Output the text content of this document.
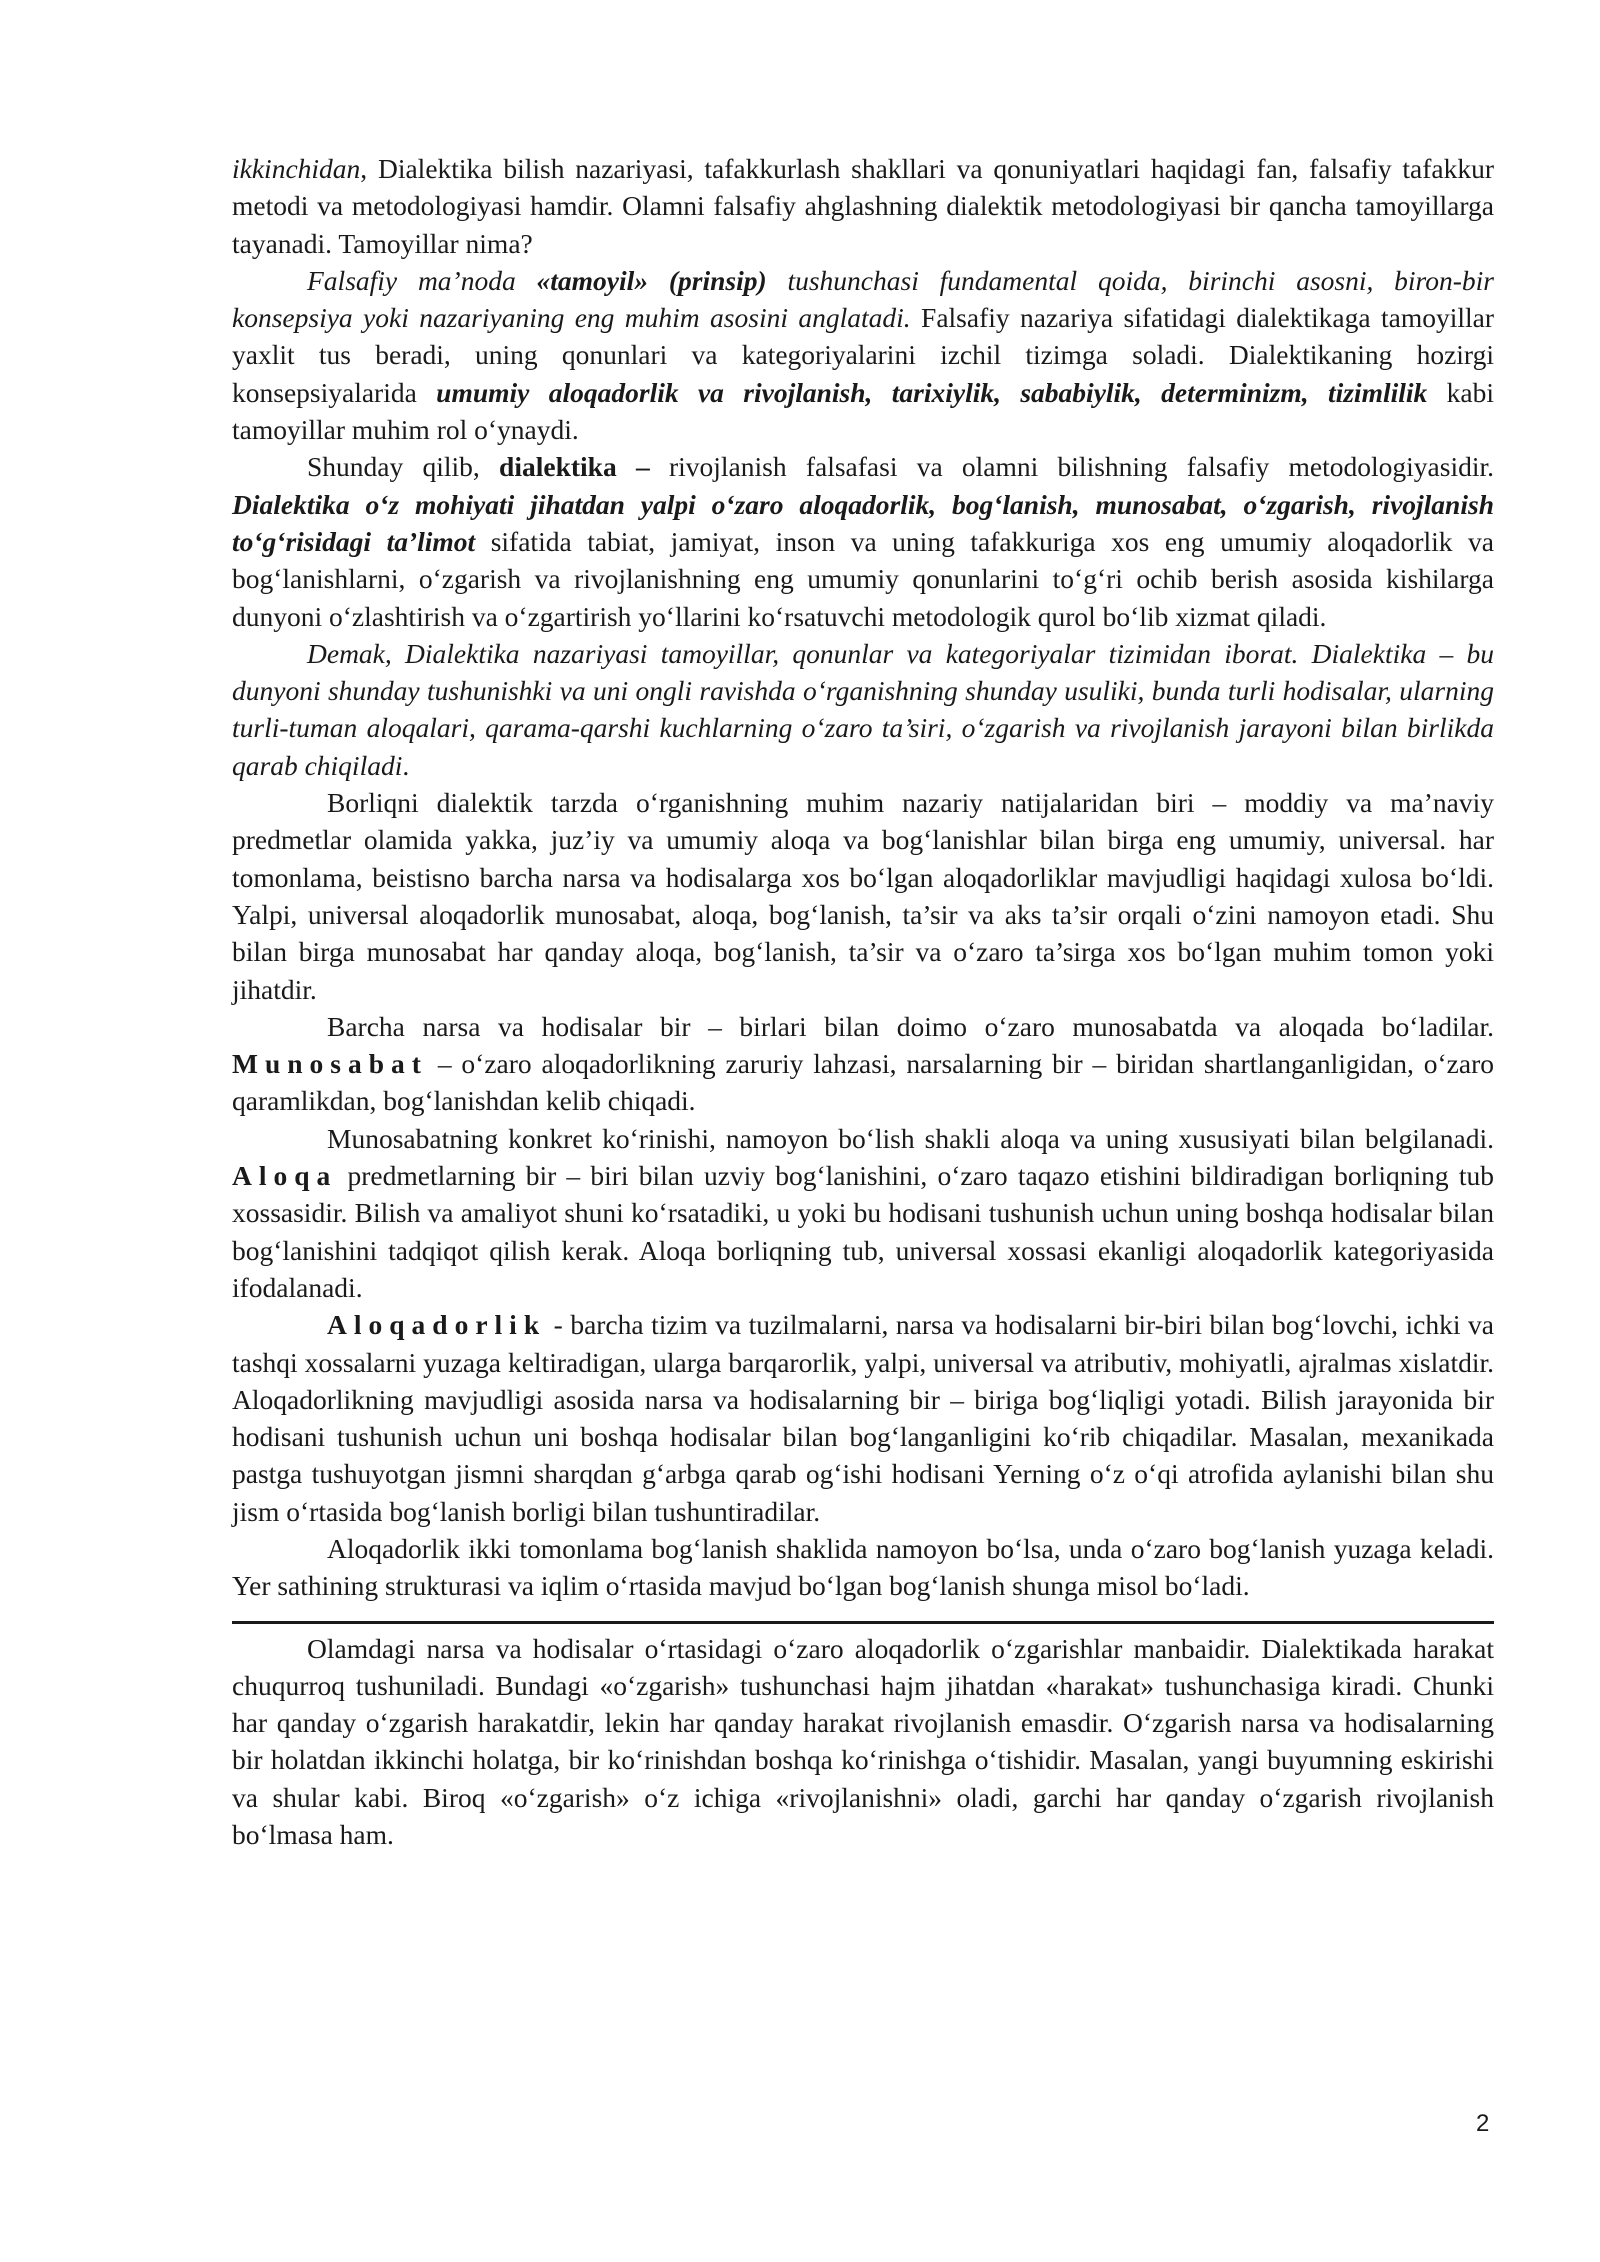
ikkinchidan, Dialektika bilish nazariyasi, tafakkurlash shakllari va qonuniyatlari haqidagi fan, falsafiy tafakkur metodi va metodologiyasi hamdir. Olamni falsafiy ahglashning dialektik metodologiyasi bir qancha tamoyillarga tayanadi. Tamoyillar nima?

Falsafiy ma’noda «tamoyil» (prinsip) tushunchasi fundamental qoida, birinchi asosni, biron-bir konsepsiya yoki nazariyaning eng muhim asosini anglatadi. Falsafiy nazariya sifatidagi dialektikaga tamoyillar yaxlit tus beradi, uning qonunlari va kategoriyalarini izchil tizimga soladi. Dialektikaning hozirgi konsepsiyalarida umumiy aloqadorlik va rivojlanish, tarixiylik, sababiylik, determinizm, tizimlilik kabi tamoyillar muhim rol o‘ynaydi.

Shunday qilib, dialektika – rivojlanish falsafasi va olamni bilishning falsafiy metodologiyasidir. Dialektika o‘z mohiyati jihatdan yalpi o‘zaro aloqadorlik, bog‘lanish, munosabat, o‘zgarish, rivojlanish to‘g‘risidagi ta’limot sifatida tabiat, jamiyat, inson va uning tafakkuriga xos eng umumiy aloqadorlik va bog‘lanishlarni, o‘zgarish va rivojlanishning eng umumiy qonunlarini to‘g‘ri ochib berish asosida kishilarga dunyoni o‘zlashtirish va o‘zgartirish yo‘llarini ko‘rsatuvchi metodologik qurol bo‘lib xizmat qiladi.

Demak, Dialektika nazariyasi tamoyillar, qonunlar va kategoriyalar tizimidan iborat. Dialektika – bu dunyoni shunday tushunishki va uni ongli ravishda o‘rganishning shunday usuliki, bunda turli hodisalar, ularning turli-tuman aloqalari, qarama-qarshi kuchlarning o‘zaro ta’siri, o‘zgarish va rivojlanish jarayoni bilan birlikda qarab chiqiladi.

Borliqni dialektik tarzda o‘rganishning muhim nazariy natijalaridan biri – moddiy va ma’naviy predmetlar olamida yakka, juz’iy va umumiy aloqa va bog‘lanishlar bilan birga eng umumiy, universal. har tomonlama, beistisno barcha narsa va hodisalarga xos bo‘lgan aloqadorliklar mavjudligi haqidagi xulosa bo‘ldi. Yalpi, universal aloqadorlik munosabat, aloqa, bog‘lanish, ta’sir va aks ta’sir orqali o‘zini namoyon etadi. Shu bilan birga munosabat har qanday aloqa, bog‘lanish, ta’sir va o‘zaro ta’sirga xos bo‘lgan muhim tomon yoki jihatdir.

Barcha narsa va hodisalar bir – birlari bilan doimo o‘zaro munosabatda va aloqada bo‘ladilar. Munosabat – o‘zaro aloqadorlikning zaruriy lahzasi, narsalarning bir – biridan shartlanganligidan, o‘zaro qaramlikdan, bog‘lanishdan kelib chiqadi.

Munosabatning konkret ko‘rinishi, namoyon bo‘lish shakli aloqa va uning xususiyati bilan belgilanadi. Aloqa predmetlarning bir – biri bilan uzviy bog‘lanishini, o‘zaro taqazo etishini bildiradigan borliqning tub xossasidir. Bilish va amaliyot shuni ko‘rsatadiki, u yoki bu hodisani tushunish uchun uning boshqa hodisalar bilan bog‘lanishini tadqiqot qilish kerak. Aloqa borliqning tub, universal xossasi ekanligi aloqadorlik kategoriyasida ifodalanadi.

Aloqadorlik - barcha tizim va tuzilmalarni, narsa va hodisalarni bir-biri bilan bog‘lovchi, ichki va tashqi xossalarni yuzaga keltiradigan, ularga barqarorlik, yalpi, universal va atributiv, mohiyatli, ajralmas xislatdir. Aloqadorlikning mavjudligi asosida narsa va hodisalarning bir – biriga bog‘liqligi yotadi. Bilish jarayonida bir hodisani tushunish uchun uni boshqa hodisalar bilan bog‘langanligini ko‘rib chiqadilar. Masalan, mexanikada pastga tushuyotgan jismni sharqdan g‘arbga qarab og‘ishi hodisani Yerning o‘z o‘qi atrofida aylanishi bilan shu jism o‘rtasida bog‘lanish borligi bilan tushuntiradilar.

Aloqadorlik ikki tomonlama bog‘lanish shaklida namoyon bo‘lsa, unda o‘zaro bog‘lanish yuzaga keladi. Yer sathining strukturasi va iqlim o‘rtasida mavjud bo‘lgan bog‘lanish shunga misol bo‘ladi.

Olamdagi narsa va hodisalar o‘rtasidagi o‘zaro aloqadorlik o‘zgarishlar manbaidir. Dialektikada harakat chuqurroq tushuniladi. Bundagi «o‘zgarish» tushunchasi hajm jihatdan «harakat» tushunchasiga kiradi. Chunki har qanday o‘zgarish harakatdir, lekin har qanday harakat rivojlanish emasdir. O‘zgarish narsa va hodisalarning bir holatdan ikkinchi holatga, bir ko‘rinishdan boshqa ko‘rinishga o‘tishidir. Masalan, yangi buyumning eskirishi va shular kabi. Biroq «o‘zgarish» o‘z ichiga «rivojlanishni» oladi, garchi har qanday o‘zgarish rivojlanish bo‘lmasa ham.

2
